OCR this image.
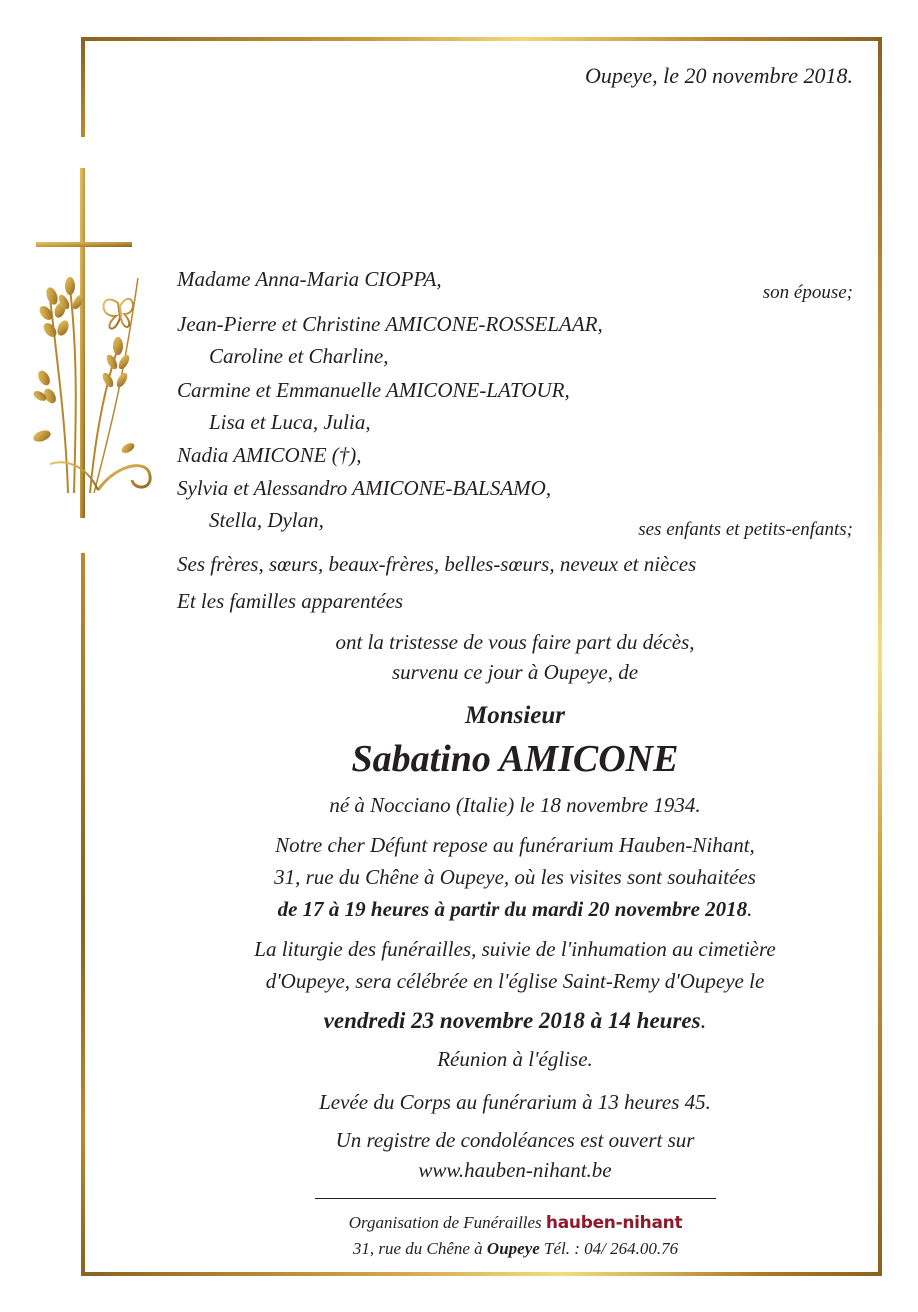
Oupeye, le 20 novembre 2018.
Madame Anna-Maria CIOPPA,
son épouse;
Jean-Pierre et Christine AMICONE-ROSSELAAR,
Caroline et Charline,
Carmine et Emmanuelle AMICONE-LATOUR,
Lisa et Luca, Julia,
Nadia AMICONE (†),
Sylvia et Alessandro AMICONE-BALSAMO,
Stella, Dylan,	ses enfants et petits-enfants;
Ses frères, sœurs, beaux-frères, belles-sœurs, neveux et nièces
Et les familles apparentées
ont la tristesse de vous faire part du décès,
survenu ce jour à Oupeye, de
Monsieur
Sabatino AMICONE
né à Nocciano (Italie) le 18 novembre 1934.
Notre cher Défunt repose au funérarium Hauben-Nihant,
31, rue du Chêne à Oupeye, où les visites sont souhaitées
de 17 à 19 heures à partir du mardi 20 novembre 2018.
La liturgie des funérailles, suivie de l'inhumation au cimetière
d'Oupeye, sera célébrée en l'église Saint-Remy d'Oupeye le
vendredi 23 novembre 2018 à 14 heures.
Réunion à l'église.
Levée du Corps au funérarium à 13 heures 45.
Un registre de condoléances est ouvert sur
www.hauben-nihant.be
Organisation de Funérailles hauben-nihant
31, rue du Chêne à Oupeye Tél. : 04/ 264.00.76
